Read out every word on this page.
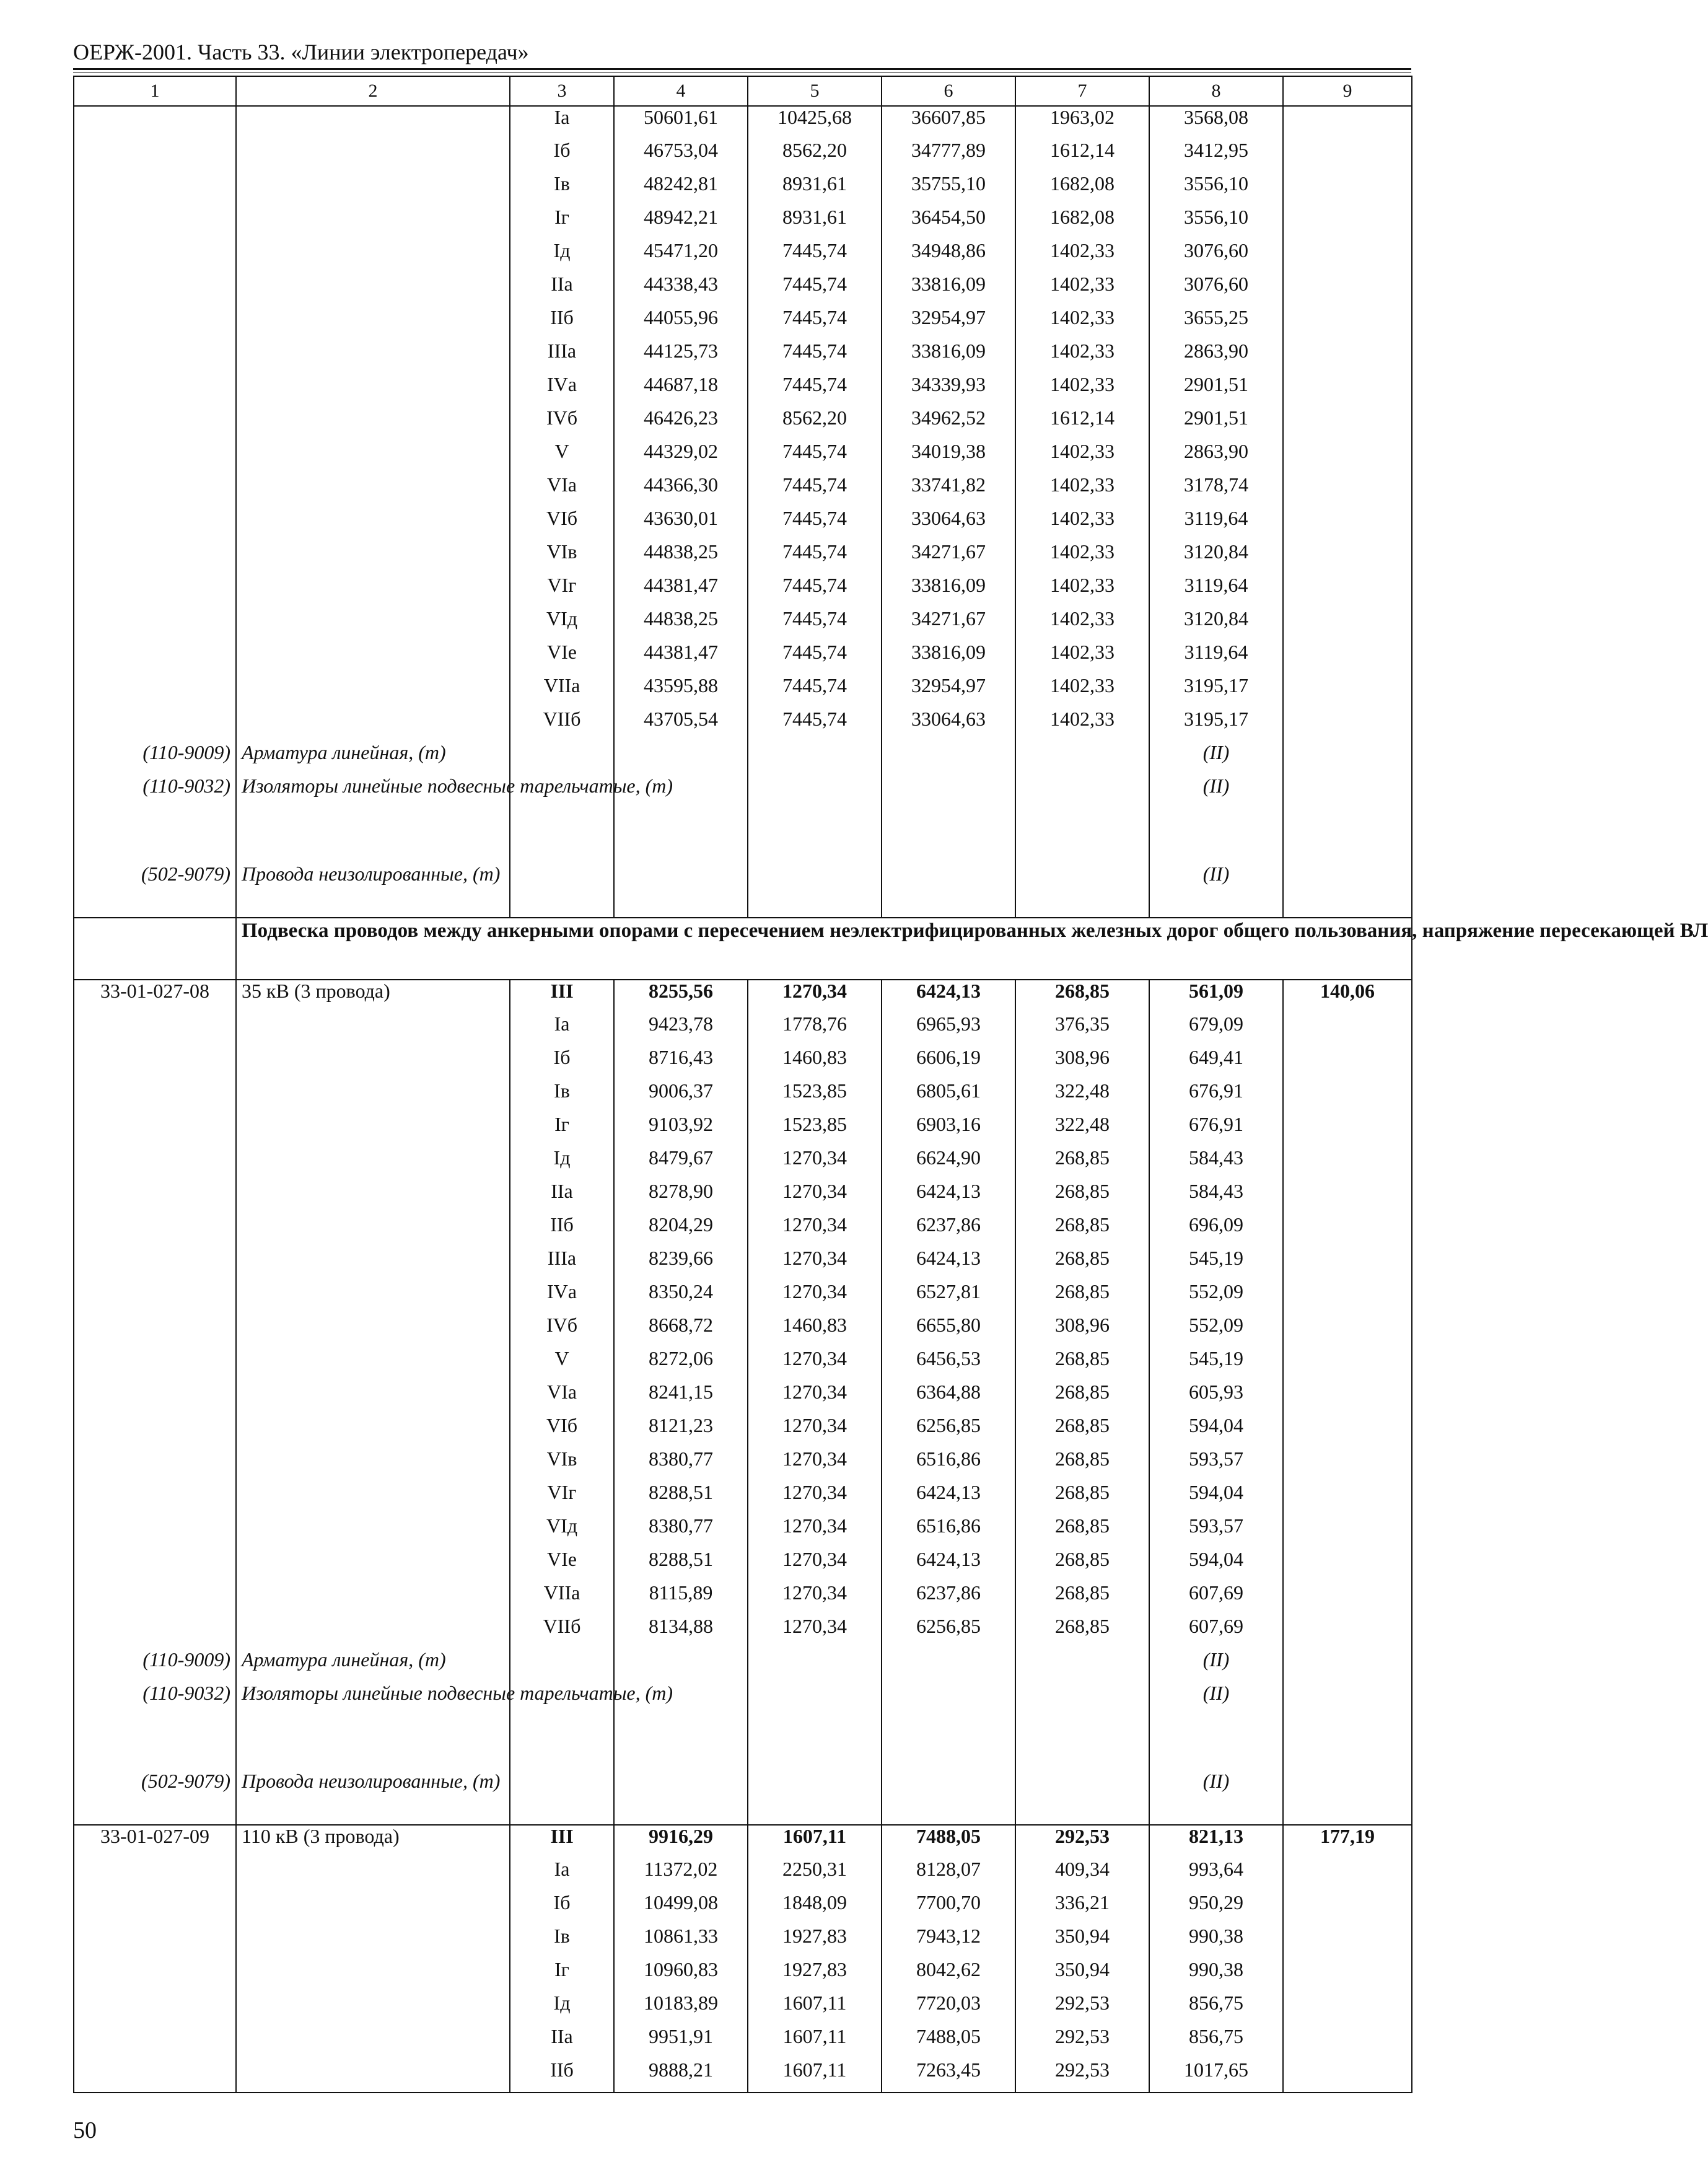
ОЕРЖ-2001. Часть 33. «Линии электропередач»
1	2	3	4	5	6	7	8	9
		Iа	50601,61	10425,68	36607,85	1963,02	3568,08	
		Iб	46753,04	8562,20	34777,89	1612,14	3412,95	
		Iв	48242,81	8931,61	35755,10	1682,08	3556,10	
		Iг	48942,21	8931,61	36454,50	1682,08	3556,10	
		Iд	45471,20	7445,74	34948,86	1402,33	3076,60	
		IIа	44338,43	7445,74	33816,09	1402,33	3076,60	
		IIб	44055,96	7445,74	32954,97	1402,33	3655,25	
		IIIа	44125,73	7445,74	33816,09	1402,33	2863,90	
		IVа	44687,18	7445,74	34339,93	1402,33	2901,51	
		IVб	46426,23	8562,20	34962,52	1612,14	2901,51	
		V	44329,02	7445,74	34019,38	1402,33	2863,90	
		VIа	44366,30	7445,74	33741,82	1402,33	3178,74	
		VIб	43630,01	7445,74	33064,63	1402,33	3119,64	
		VIв	44838,25	7445,74	34271,67	1402,33	3120,84	
		VIг	44381,47	7445,74	33816,09	1402,33	3119,64	
		VIд	44838,25	7445,74	34271,67	1402,33	3120,84	
		VIе	44381,47	7445,74	33816,09	1402,33	3119,64	
		VIIа	43595,88	7445,74	32954,97	1402,33	3195,17	
		VIIб	43705,54	7445,74	33064,63	1402,33	3195,17	
(110-9009)	Арматура линейная, (т)						(II)	
(110-9032)	Изоляторы линейные подвесные тарельчатые, (т)						(II)	
(502-9079)	Провода неизолированные, (т)						(II)	
	Подвеска проводов между анкерными опорами с пересечением неэлектрифицированных железных дорог общего пользования, напряжение пересекающей ВЛ							
33-01-027-08	35 кВ (3 провода)	III	8255,56	1270,34	6424,13	268,85	561,09	140,06
		Iа	9423,78	1778,76	6965,93	376,35	679,09	
		Iб	8716,43	1460,83	6606,19	308,96	649,41	
		Iв	9006,37	1523,85	6805,61	322,48	676,91	
		Iг	9103,92	1523,85	6903,16	322,48	676,91	
		Iд	8479,67	1270,34	6624,90	268,85	584,43	
		IIа	8278,90	1270,34	6424,13	268,85	584,43	
		IIб	8204,29	1270,34	6237,86	268,85	696,09	
		IIIа	8239,66	1270,34	6424,13	268,85	545,19	
		IVа	8350,24	1270,34	6527,81	268,85	552,09	
		IVб	8668,72	1460,83	6655,80	308,96	552,09	
		V	8272,06	1270,34	6456,53	268,85	545,19	
		VIа	8241,15	1270,34	6364,88	268,85	605,93	
		VIб	8121,23	1270,34	6256,85	268,85	594,04	
		VIв	8380,77	1270,34	6516,86	268,85	593,57	
		VIг	8288,51	1270,34	6424,13	268,85	594,04	
		VIд	8380,77	1270,34	6516,86	268,85	593,57	
		VIе	8288,51	1270,34	6424,13	268,85	594,04	
		VIIа	8115,89	1270,34	6237,86	268,85	607,69	
		VIIб	8134,88	1270,34	6256,85	268,85	607,69	
(110-9009)	Арматура линейная, (т)						(II)	
(110-9032)	Изоляторы линейные подвесные тарельчатые, (т)						(II)	
(502-9079)	Провода неизолированные, (т)						(II)	
33-01-027-09	110 кВ (3 провода)	III	9916,29	1607,11	7488,05	292,53	821,13	177,19
		Iа	11372,02	2250,31	8128,07	409,34	993,64	
		Iб	10499,08	1848,09	7700,70	336,21	950,29	
		Iв	10861,33	1927,83	7943,12	350,94	990,38	
		Iг	10960,83	1927,83	8042,62	350,94	990,38	
		Iд	10183,89	1607,11	7720,03	292,53	856,75	
		IIа	9951,91	1607,11	7488,05	292,53	856,75	
		IIб	9888,21	1607,11	7263,45	292,53	1017,65	
50
